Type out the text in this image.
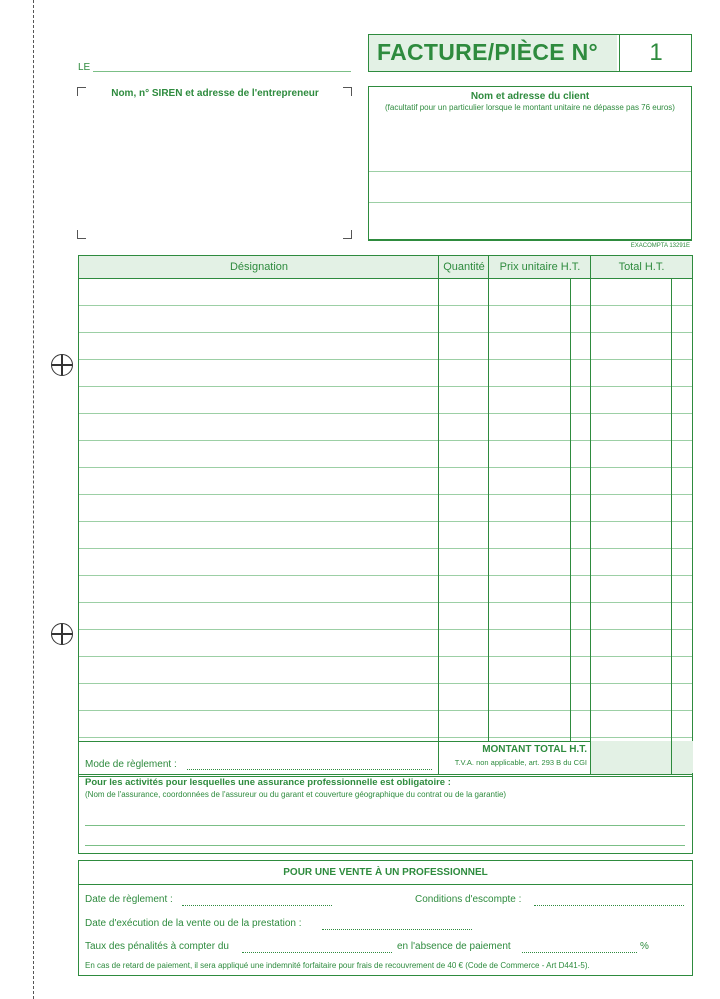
LE
Nom, n° SIREN et adresse de l'entrepreneur
FACTURE/PIÈCE N°	1
Nom et adresse du client
(facultatif pour un particulier lorsque le montant unitaire ne dépasse pas 76 euros)
EXACOMPTA 13291E
Désignation	Quantité	Prix unitaire H.T.	Total H.T.
Mode de règlement :
MONTANT TOTAL H.T.
T.V.A. non applicable, art. 293 B du CGI
Pour les activités pour lesquelles une assurance professionnelle est obligatoire :
(Nom de l'assurance, coordonnées de l'assureur ou du garant et couverture géographique du contrat ou de la garantie)
POUR UNE VENTE À UN PROFESSIONNEL
Date de règlement :	Conditions d'escompte :
Date d'exécution de la vente ou de la prestation :
Taux des pénalités à compter du	en l'absence de paiement	%
En cas de retard de paiement, il sera appliqué une indemnité forfaitaire pour frais de recouvrement de 40 € (Code de Commerce - Art D441-5).
